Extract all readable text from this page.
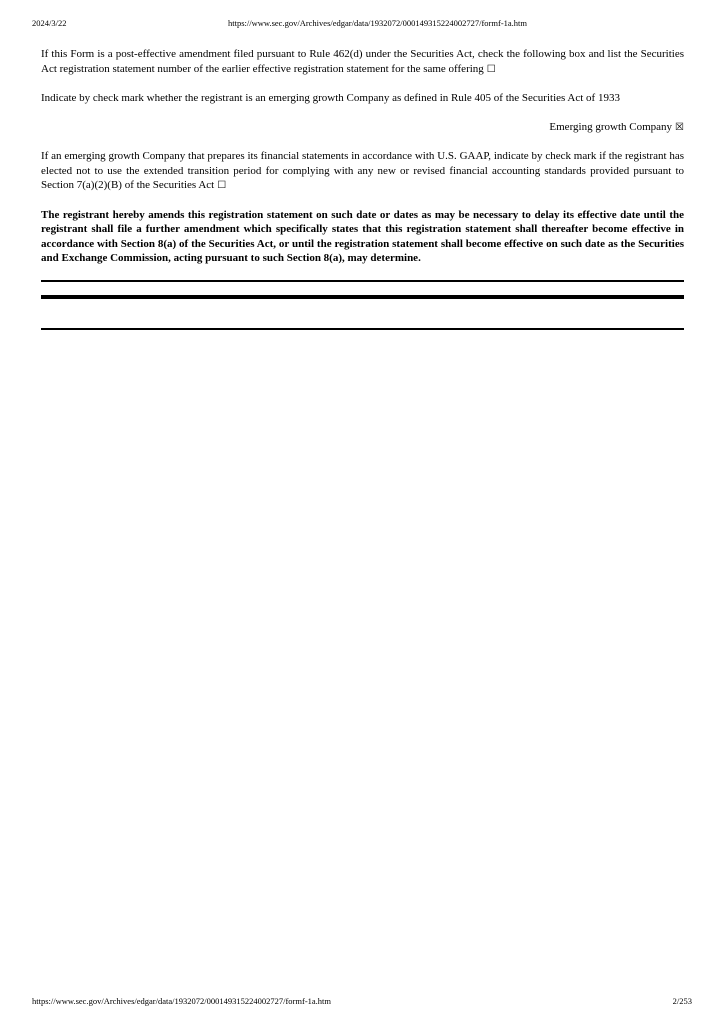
2024/3/22	https://www.sec.gov/Archives/edgar/data/1932072/000149315224002727/formf-1a.htm

If this Form is a post-effective amendment filed pursuant to Rule 462(d) under the Securities Act, check the following box and list the Securities Act registration statement number of the earlier effective registration statement for the same offering ☐

Indicate by check mark whether the registrant is an emerging growth Company as defined in Rule 405 of the Securities Act of 1933

Emerging growth Company ☒

If an emerging growth Company that prepares its financial statements in accordance with U.S. GAAP, indicate by check mark if the registrant has elected not to use the extended transition period for complying with any new or revised financial accounting standards provided pursuant to Section 7(a)(2)(B) of the Securities Act ☐

The registrant hereby amends this registration statement on such date or dates as may be necessary to delay its effective date until the registrant shall file a further amendment which specifically states that this registration statement shall thereafter become effective in accordance with Section 8(a) of the Securities Act, or until the registration statement shall become effective on such date as the Securities and Exchange Commission, acting pursuant to such Section 8(a), may determine.

https://www.sec.gov/Archives/edgar/data/1932072/000149315224002727/formf-1a.htm	2/253
